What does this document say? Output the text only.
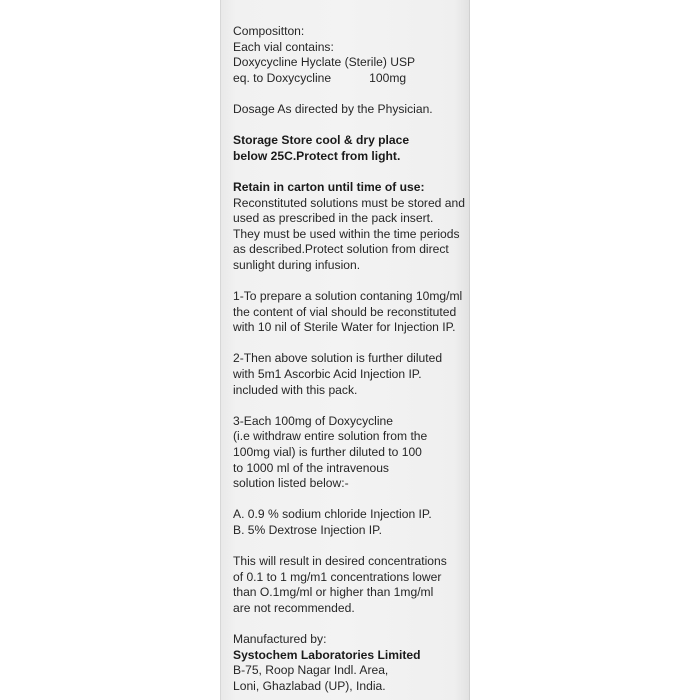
Compositton:
Each vial contains:
Doxycycline Hyclate (Sterile) USP
eq. to Doxycycline	100mg

Dosage As directed by the Physician.

Storage Store cool & dry place
below 25C.Protect from light.

Retain in carton until time of use:
Reconstituted solutions must be stored and
used as prescribed in the pack insert.
They must be used within the time periods
as described.Protect solution from direct
sunlight during infusion.

1-To prepare a solution contaning 10mg/ml
the content of vial should be reconstituted
with 10 nil of Sterile Water for Injection IP.

2-Then above solution is further diluted
with 5m1 Ascorbic Acid Injection IP.
included with this pack.

3-Each 100mg of Doxycycline
(i.e withdraw entire solution from the
100mg vial) is further diluted to 100
to 1000 ml of the intravenous
solution listed below:-

A. 0.9 % sodium chloride Injection IP.
B. 5% Dextrose Injection IP.

This will result in desired concentrations
of 0.1 to 1 mg/m1 concentrations lower
than O.1mg/ml or higher than 1mg/ml
are not recommended.

Manufactured by:
Systochem Laboratories Limited
B-75, Roop Nagar Indl. Area,
Loni, Ghazlabad (UP), India.
